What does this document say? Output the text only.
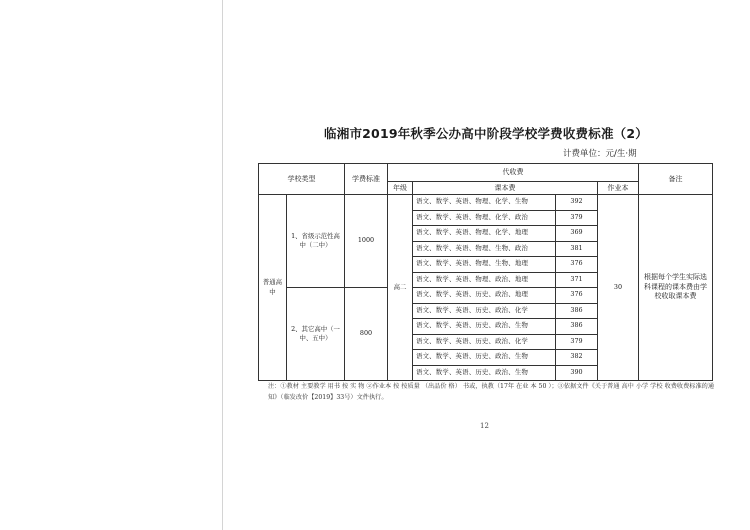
临湘市2019年秋季公办高中阶段学校学费收费标准（2）
计费单位：元/生·期
学校类型		学费标准	代收费				备注
			年级	课本费		作业本	
普通高中	1、省级示范性高中（二中）	1000	高二	语文、数学、英语、物理、化学、生物	392	30	根据每个学生实际选科课程的课本费由学校收取课本费
				语文、数学、英语、物理、化学、政治	379		
				语文、数学、英语、物理、化学、地理	369		
				语文、数学、英语、物理、生物、政治	381		
				语文、数学、英语、物理、生物、地理	376		
				语文、数学、英语、物理、政治、地理	371		
	2、其它高中（一中、五中）	800		语文、数学、英语、历史、政治、地理	376		
				语文、数学、英语、历史、政治、化学	386		
				语文、数学、英语、历史、政治、生物	386		
				语文、数学、英语、历史、政治、化学	379		
				语文、数学、英语、历史、政治、生物	382		
				语文、数学、英语、历史、政治、生物	390		
注：①教材 主要教学 用书 按 实 物 ②作业本 按 按质量 （出品价 格） 书或，执教（17年 在业 本 50 ）；③依据文件《关于普通 高中 小学 学校 收费收费标准的通知》（临发改价【2019】33号）文件执行。
12
